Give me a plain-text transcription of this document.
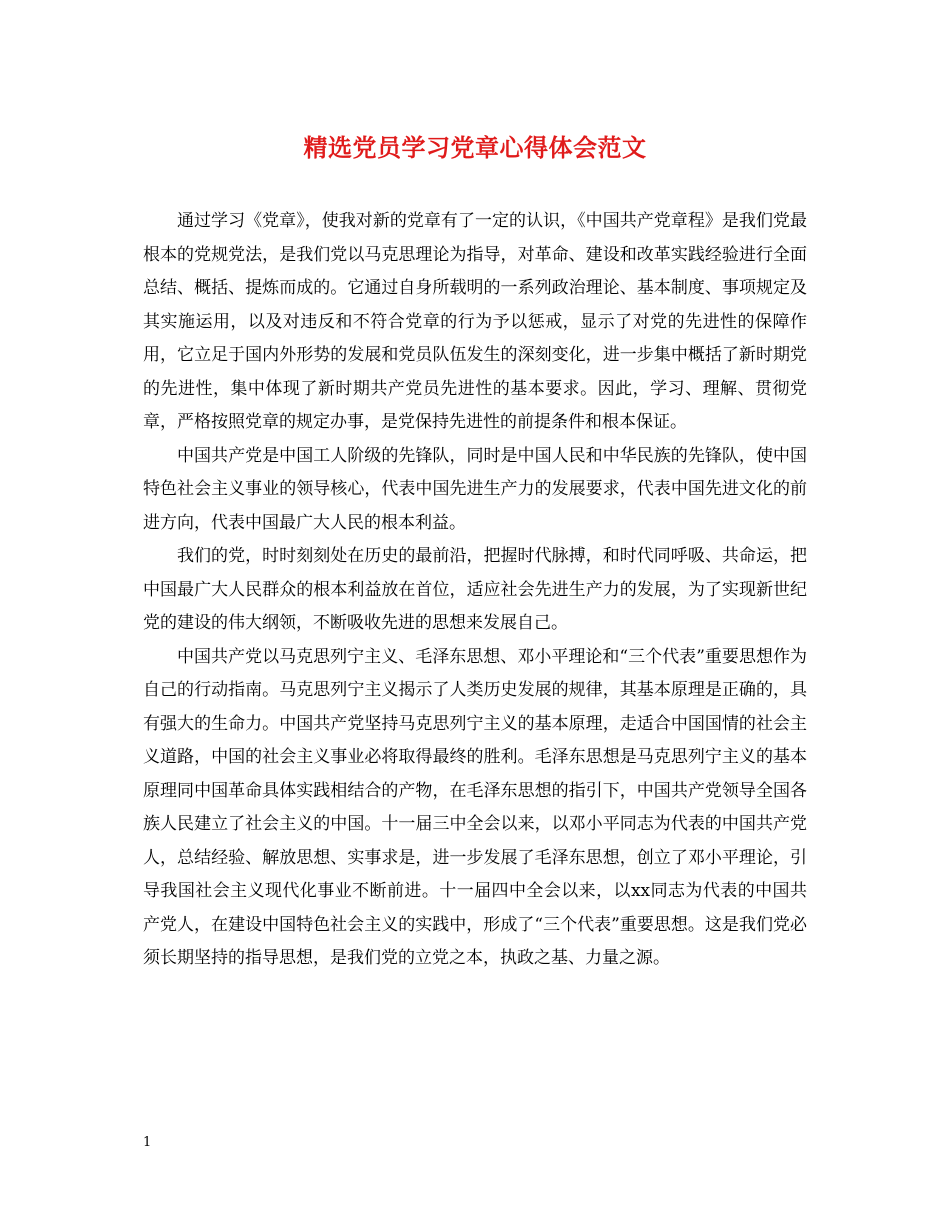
精选党员学习党章心得体会范文

通过学习《党章》，使我对新的党章有了一定的认识，《中国共产党章程》是我们党最根本的党规党法，是我们党以马克思理论为指导，对革命、建设和改革实践经验进行全面总结、概括、提炼而成的。它通过自身所载明的一系列政治理论、基本制度、事项规定及其实施运用，以及对违反和不符合党章的行为予以惩戒，显示了对党的先进性的保障作用，它立足于国内外形势的发展和党员队伍发生的深刻变化，进一步集中概括了新时期党的先进性，集中体现了新时期共产党员先进性的基本要求。因此，学习、理解、贯彻党章，严格按照党章的规定办事，是党保持先进性的前提条件和根本保证。

中国共产党是中国工人阶级的先锋队，同时是中国人民和中华民族的先锋队，使中国特色社会主义事业的领导核心，代表中国先进生产力的发展要求，代表中国先进文化的前进方向，代表中国最广大人民的根本利益。

我们的党，时时刻刻处在历史的最前沿，把握时代脉搏，和时代同呼吸、共命运，把中国最广大人民群众的根本利益放在首位，适应社会先进生产力的发展，为了实现新世纪党的建设的伟大纲领，不断吸收先进的思想来发展自己。

中国共产党以马克思列宁主义、毛泽东思想、邓小平理论和“三个代表”重要思想作为自己的行动指南。马克思列宁主义揭示了人类历史发展的规律，其基本原理是正确的，具有强大的生命力。中国共产党坚持马克思列宁主义的基本原理，走适合中国国情的社会主义道路，中国的社会主义事业必将取得最终的胜利。毛泽东思想是马克思列宁主义的基本原理同中国革命具体实践相结合的产物，在毛泽东思想的指引下，中国共产党领导全国各族人民建立了社会主义的中国。十一届三中全会以来，以邓小平同志为代表的中国共产党人，总结经验、解放思想、实事求是，进一步发展了毛泽东思想，创立了邓小平理论，引导我国社会主义现代化事业不断前进。十一届四中全会以来，以xx同志为代表的中国共产党人，在建设中国特色社会主义的实践中，形成了“三个代表”重要思想。这是我们党必须长期坚持的指导思想，是我们党的立党之本，执政之基、力量之源。

1
